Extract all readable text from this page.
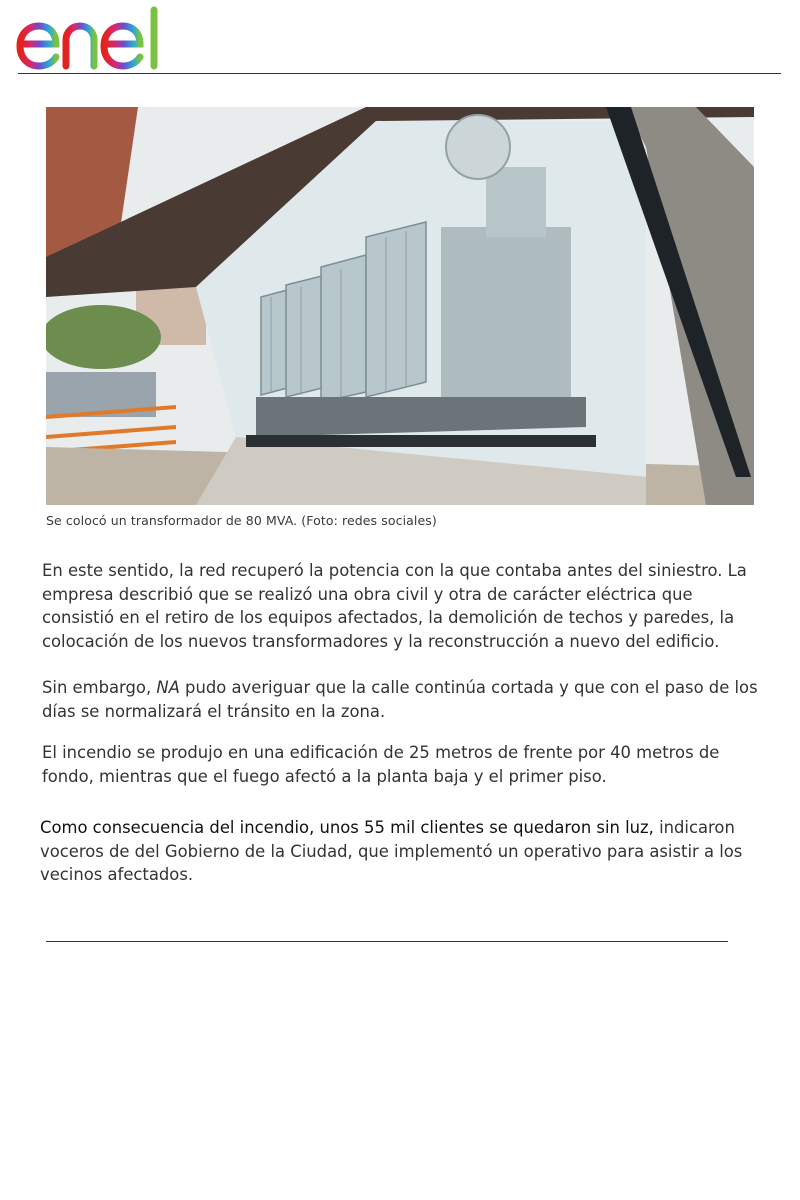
Se colocó un transformador de 80 MVA. (Foto: redes sociales)

En este sentido, la red recuperó la potencia con la que contaba antes del siniestro. La empresa describió que se realizó una obra civil y otra de carácter eléctrica que consistió en el retiro de los equipos afectados, la demolición de techos y paredes, la colocación de los nuevos transformadores y la reconstrucción a nuevo del edificio.

Sin embargo, NA pudo averiguar que la calle continúa cortada y que con el paso de los días se normalizará el tránsito en la zona.

El incendio se produjo en una edificación de 25 metros de frente por 40 metros de fondo, mientras que el fuego afectó a la planta baja y el primer piso.

Como consecuencia del incendio, unos 55 mil clientes se quedaron sin luz, indicaron voceros de del Gobierno de la Ciudad, que implementó un operativo para asistir a los vecinos afectados.
